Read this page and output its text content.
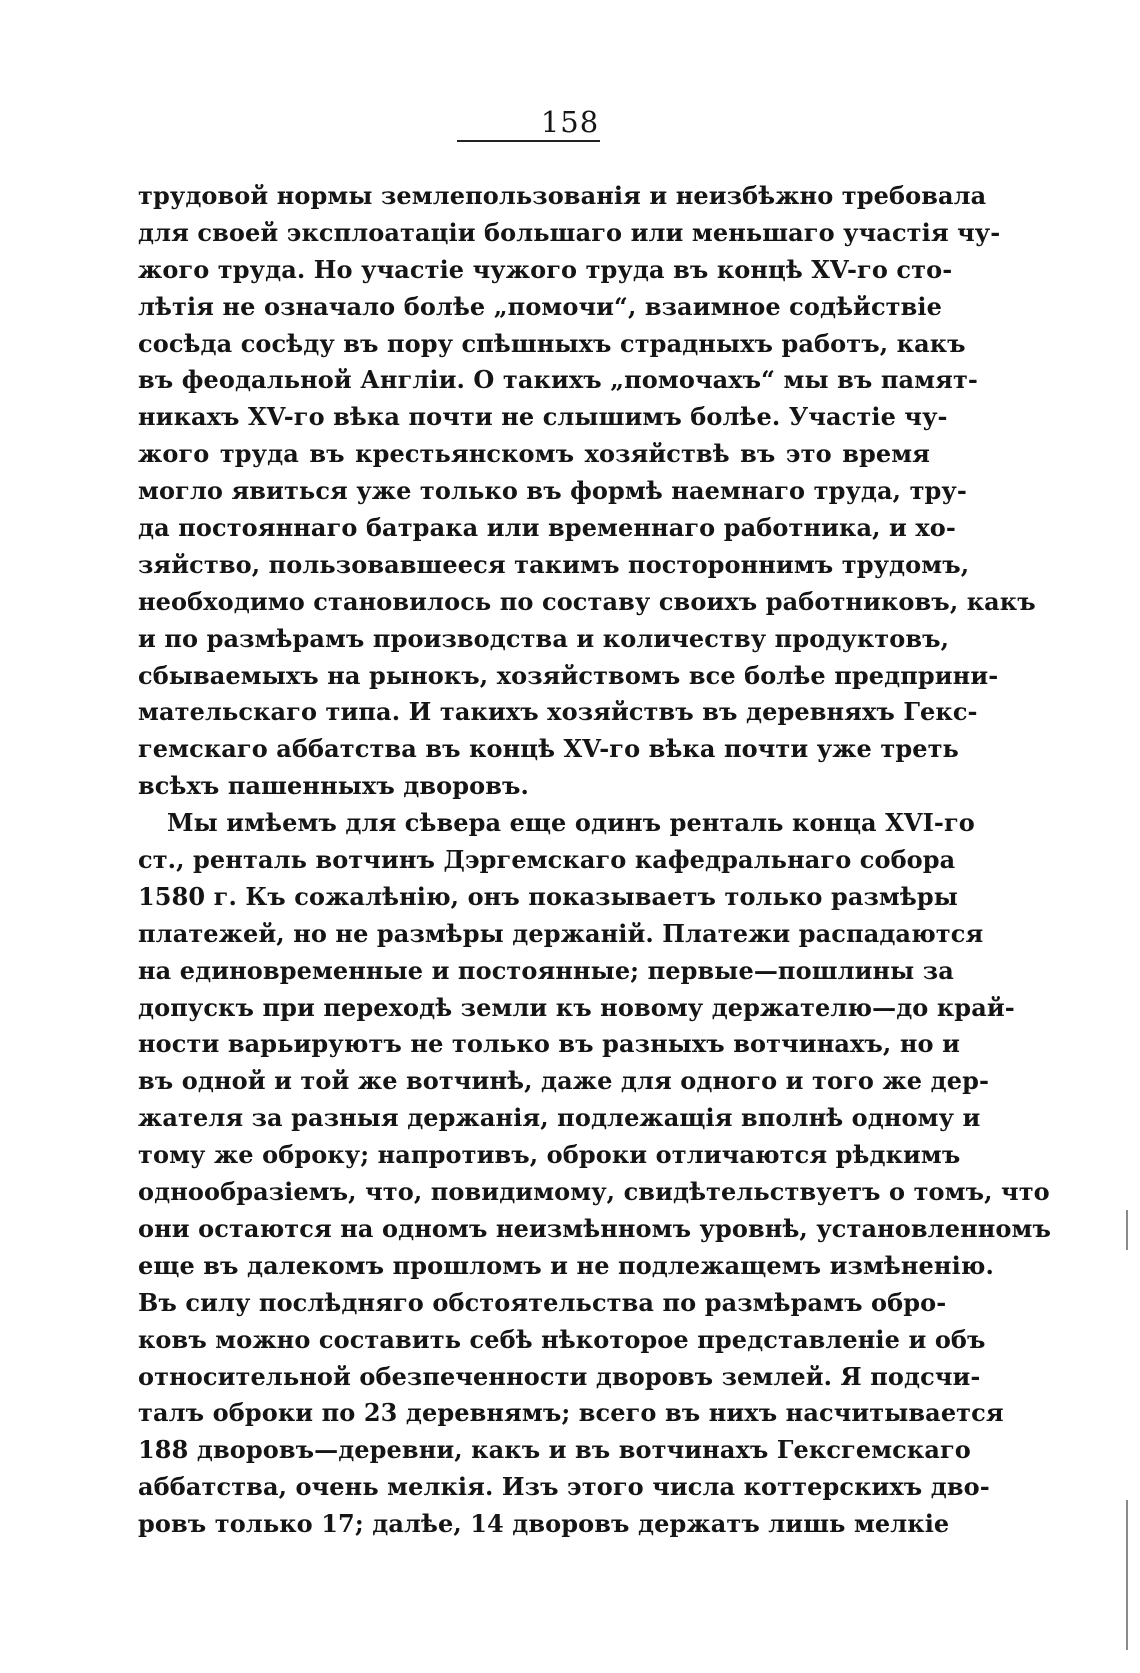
158
трудовой нормы землепользованія и неизбѣжно требовала
для своей эксплоатаціи большаго или меньшаго участія чу-
жого труда. Но участіе чужого труда въ концѣ XV-го сто-
лѣтія не означало болѣе „помочи“, взаимное содѣйствіе
сосѣда сосѣду въ пору спѣшныхъ страдныхъ работъ, какъ
въ феодальной Англіи. О такихъ „помочахъ“ мы въ памят-
никахъ XV-го вѣка почти не слышимъ болѣе. Участіе чу-
жого труда въ крестьянскомъ хозяйствѣ въ это время
могло явиться уже только въ формѣ наемнаго труда, тру-
да постояннаго батрака или временнаго работника, и хо-
зяйство, пользовавшееся такимъ постороннимъ трудомъ,
необходимо становилось по составу своихъ работниковъ, какъ
и по размѣрамъ производства и количеству продуктовъ,
сбываемыхъ на рынокъ, хозяйствомъ все болѣе предприни-
мательскаго типа. И такихъ хозяйствъ въ деревняхъ Гекс-
гемскаго аббатства въ концѣ XV-го вѣка почти уже треть
всѣхъ пашенныхъ дворовъ.
Мы имѣемъ для сѣвера еще одинъ ренталь конца XVI-го
ст., ренталь вотчинъ Дэргемскаго кафедральнаго собора
1580 г. Къ сожалѣнію, онъ показываетъ только размѣры
платежей, но не размѣры держаній. Платежи распадаются
на единовременные и постоянные; первые—пошлины за
допускъ при переходѣ земли къ новому держателю—до край-
ности варьируютъ не только въ разныхъ вотчинахъ, но и
въ одной и той же вотчинѣ, даже для одного и того же дер-
жателя за разныя держанія, подлежащія вполнѣ одному и
тому же оброку; напротивъ, оброки отличаются рѣдкимъ
однообразіемъ, что, повидимому, свидѣтельствуетъ о томъ, что
они остаются на одномъ неизмѣнномъ уровнѣ, установленномъ
еще въ далекомъ прошломъ и не подлежащемъ измѣненію.
Въ силу послѣдняго обстоятельства по размѣрамъ обро-
ковъ можно составить себѣ нѣкоторое представленіе и объ
относительной обезпеченности дворовъ землей. Я подсчи-
талъ оброки по 23 деревнямъ; всего въ нихъ насчитывается
188 дворовъ—деревни, какъ и въ вотчинахъ Гексгемскаго
аббатства, очень мелкія. Изъ этого числа коттерскихъ дво-
ровъ только 17; далѣе, 14 дворовъ держатъ лишь мелкіе
